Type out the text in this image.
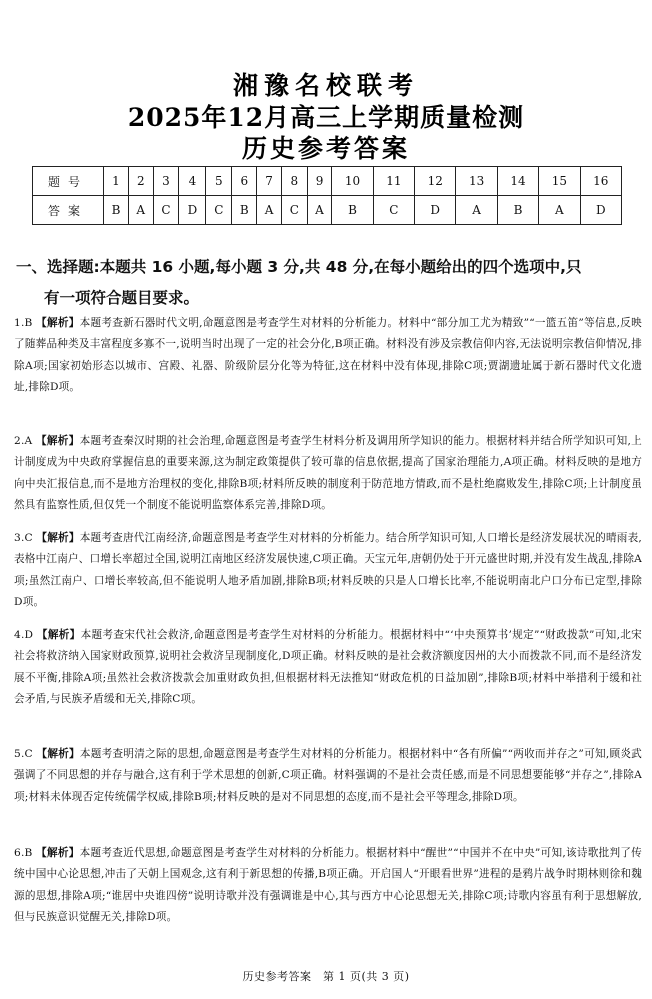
湘豫名校联考
2025年12月高三上学期质量检测
历史参考答案
题号	1	2	3	4	5	6	7	8	9	10	11	12	13	14	15	16
答案	B	A	C	D	C	B	A	C	A	B	C	D	A	B	A	D
一、选择题:本题共 16 小题,每小题 3 分,共 48 分,在每小题给出的四个选项中,只
有一项符合题目要求。
1.B 【解析】本题考查新石器时代文明,命题意图是考查学生对材料的分析能力。材料中“部分加工尤为精致”“一篮五笛”等信息,反映了随葬品种类及丰富程度多寡不一,说明当时出现了一定的社会分化,B项正确。材料没有涉及宗教信仰内容,无法说明宗教信仰情况,排除A项;国家初始形态以城市、宫殿、礼器、阶级阶层分化等为特征,这在材料中没有体现,排除C项;贾湖遗址属于新石器时代文化遗址,排除D项。
2.A 【解析】本题考查秦汉时期的社会治理,命题意图是考查学生材料分析及调用所学知识的能力。根据材料并结合所学知识可知,上计制度成为中央政府掌握信息的重要来源,这为制定政策提供了较可靠的信息依据,提高了国家治理能力,A项正确。材料反映的是地方向中央汇报信息,而不是地方治理权的变化,排除B项;材料所反映的制度利于防范地方情政,而不是杜绝腐败发生,排除C项;上计制度虽然具有监察性质,但仅凭一个制度不能说明监察体系完善,排除D项。
3.C 【解析】本题考查唐代江南经济,命题意图是考查学生对材料的分析能力。结合所学知识可知,人口增长是经济发展状况的晴雨表,表格中江南户、口增长率超过全国,说明江南地区经济发展快速,C项正确。天宝元年,唐朝仍处于开元盛世时期,并没有发生战乱,排除A项;虽然江南户、口增长率较高,但不能说明人地矛盾加剧,排除B项;材料反映的只是人口增长比率,不能说明南北户口分布已定型,排除D项。
4.D 【解析】本题考查宋代社会救济,命题意图是考查学生对材料的分析能力。根据材料中“‘中央预算书’规定”“财政拨款”可知,北宋社会将救济纳入国家财政预算,说明社会救济呈现制度化,D项正确。材料反映的是社会救济额度因州的大小而拨款不同,而不是经济发展不平衡,排除A项;虽然社会救济拨款会加重财政负担,但根据材料无法推知“财政危机的日益加剧”,排除B项;材料中举措利于缓和社会矛盾,与民族矛盾缓和无关,排除C项。
5.C 【解析】本题考查明清之际的思想,命题意图是考查学生对材料的分析能力。根据材料中“各有所偏”“两收而并存之”可知,顾炎武强调了不同思想的并存与融合,这有利于学术思想的创新,C项正确。材料强调的不是社会责任感,而是不同思想要能够“并存之”,排除A项;材料未体现否定传统儒学权威,排除B项;材料反映的是对不同思想的态度,而不是社会平等理念,排除D项。
6.B 【解析】本题考查近代思想,命题意图是考查学生对材料的分析能力。根据材料中“醒世”“中国并不在中央”可知,该诗歌批判了传统中国中心论思想,冲击了天朝上国观念,这有利于新思想的传播,B项正确。开启国人“开眼看世界”进程的是鸦片战争时期林则徐和魏源的思想,排除A项;“谁居中央谁四傍”说明诗歌并没有强调谁是中心,其与西方中心论思想无关,排除C项;诗歌内容虽有利于思想解放,但与民族意识觉醒无关,排除D项。
历史参考答案　第 1 页(共 3 页)
